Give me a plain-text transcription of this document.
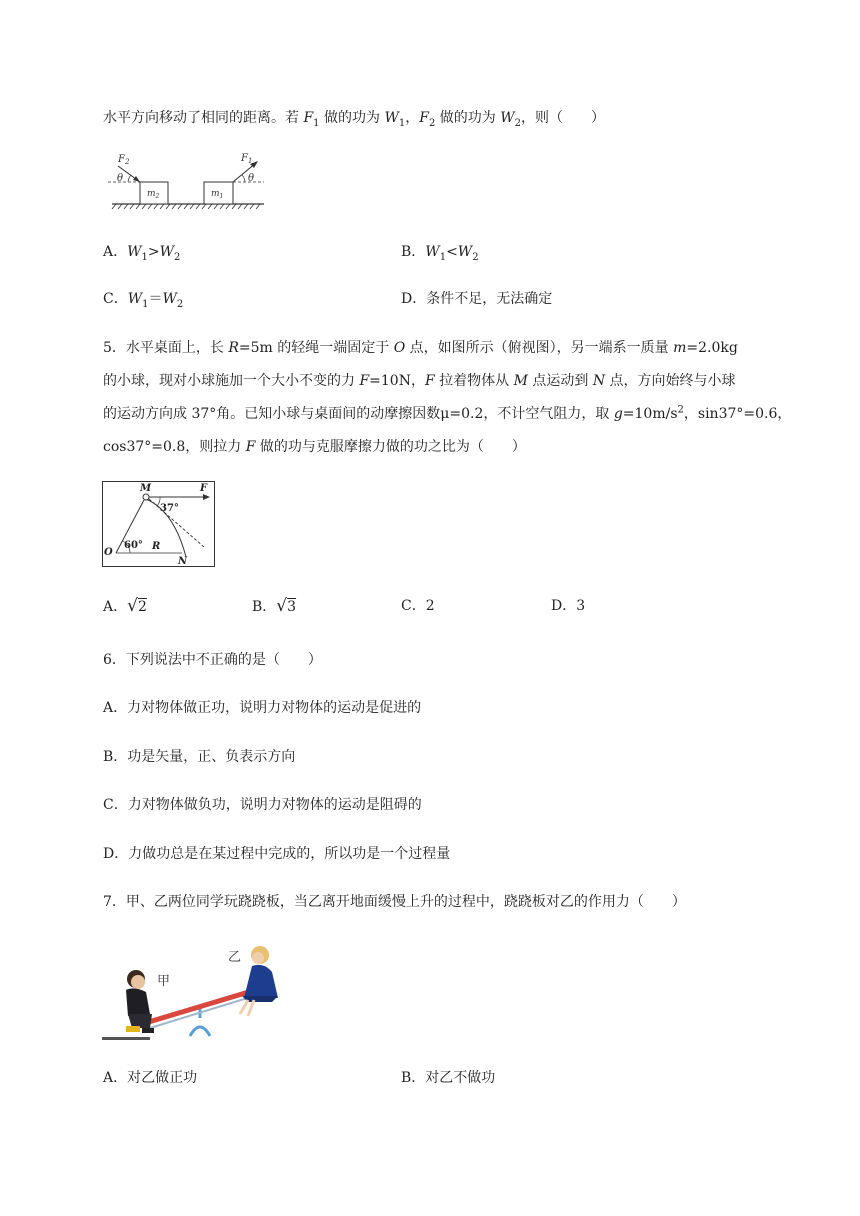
水平方向移动了相同的距离。若 $F_1$ 做的功为 $W_1$，$F_2$ 做的功为 $W_2$，则（　　）
$F_2$
θ
$F_1$
θ
$m_2$	$m_1$
A．$W_1>W_2$	B．$W_1<W_2$
C．$W_1=W_2$	D．条件不足，无法确定
5．水平桌面上，长 R=5m 的轻绳一端固定于 O 点，如图所示（俯视图），另一端系一质量 m=2.0kg
的小球，现对小球施加一个大小不变的力 F=10N，F 拉着物体从 M 点运动到 N 点，方向始终与小球
的运动方向成 37°角。已知小球与桌面间的动摩擦因数μ=0.2，不计空气阻力，取 $g=10m/s^2$，sin37°=0.6，
cos37°=0.8，则拉力 F 做的功与克服摩擦力做的功之比为（　　）
M	F
37°
60°
O
R
N
A．√2	B．√3	C．2	D．3
6．下列说法中不正确的是（　　）
A．力对物体做正功，说明力对物体的运动是促进的
B．功是矢量，正、负表示方向
C．力对物体做负功，说明力对物体的运动是阻碍的
D．力做功总是在某过程中完成的，所以功是一个过程量
7．甲、乙两位同学玩跷跷板，当乙离开地面缓慢上升的过程中，跷跷板对乙的作用力（　　）
甲
乙
A．对乙做正功	B．对乙不做功
